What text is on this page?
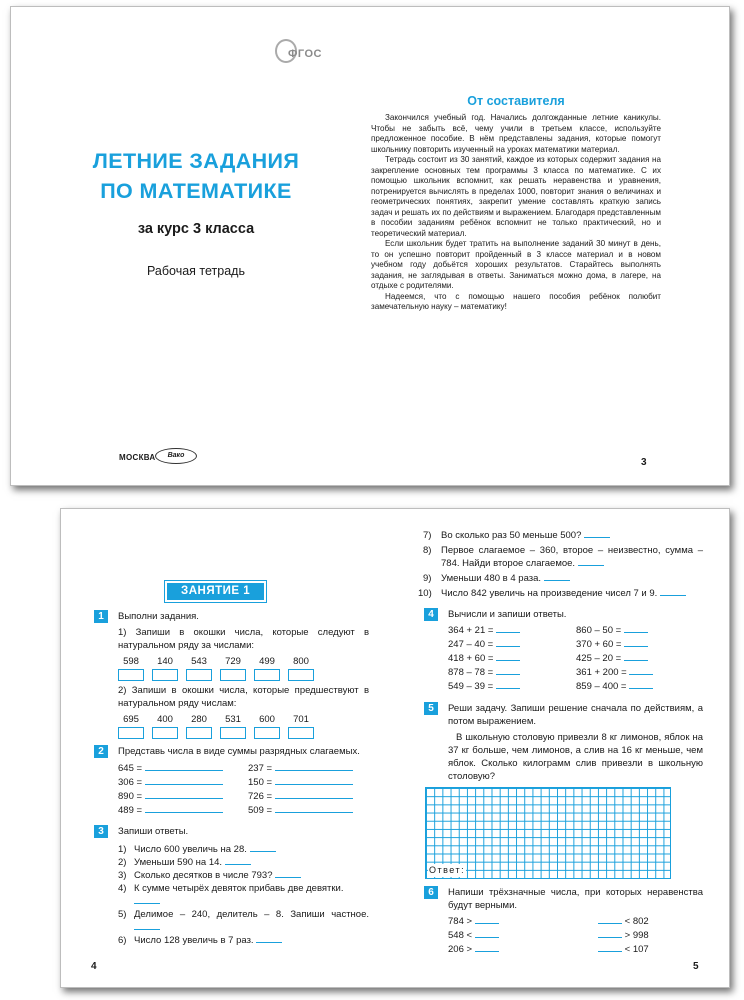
ФГОС
ЛЕТНИЕ ЗАДАНИЯ
ПО МАТЕМАТИКЕ
за курс 3 класса
Рабочая тетрадь
МОСКВА	Вако
От составителя

Закончился учебный год. Начались долгожданные летние каникулы. Чтобы не забыть всё, чему учили в третьем классе, используйте предложенное пособие. В нём представлены задания, которые помогут школьнику повторить изученный на уроках математики материал.

Тетрадь состоит из 30 занятий, каждое из которых содержит задания на закрепление основных тем программы 3 класса по математике. С их помощью школьник вспомнит, как решать неравенства и уравнения, потренируется вычислять в пределах 1000, повторит знания о величинах и геометрических понятиях, закрепит умение составлять краткую запись задач и решать их по действиям и выражением. Благодаря представленным в пособии заданиям ребёнок вспомнит не только практический, но и теоретический материал.

Если школьник будет тратить на выполнение заданий 30 минут в день, то он успешно повторит пройденный в 3 классе материал и в новом учебном году добьётся хороших результатов. Старайтесь выполнять задания, не заглядывая в ответы. Заниматься можно дома, в лагере, на отдыхе с родителями.

Надеемся, что с помощью нашего пособия ребёнок полюбит замечательную науку – математику!

3
ЗАНЯТИЕ 1
1	Выполни задания.
1) Запиши в окошки числа, которые следуют в натуральном ряду за числами:
598	140	543	729	499	800
2) Запиши в окошки числа, которые предшествуют в натуральном ряду числам:
695	400	280	531	600	701
2	Представь числа в виде суммы разрядных слагаемых.
645 =	237 =
306 =	150 =
890 =	726 =
489 =	509 =
3	Запиши ответы.
1) Число 600 увеличь на 28.
2) Уменьши 590 на 14.
3) Сколько десятков в числе 793?
4) К сумме четырёх девяток прибавь две девятки.

5) Делимое – 240, делитель – 8. Запиши частное.
6) Число 128 увеличь в 7 раз.
4
7) Во сколько раз 50 меньше 500?
8) Первое слагаемое – 360, второе – неизвестно, сумма – 784. Найди второе слагаемое.
9) Уменьши 480 в 4 раза.
10) Число 842 увеличь на произведение чисел 7 и 9.
4	Вычисли и запиши ответы.
364 + 21 =	860 – 50 =
247 – 40 =	370 + 60 =
418 + 60 =	425 – 20 =
878 – 78 =	361 + 200 =
549 – 39 =	859 – 400 =
5	Реши задачу. Запиши решение сначала по действиям, а потом выражением.
В школьную столовую привезли 8 кг лимонов, яблок на 37 кг больше, чем лимонов, а слив на 16 кг меньше, чем яблок. Сколько килограмм слив привезли в школьную столовую?
Ответ:
6	Напиши трёхзначные числа, при которых неравенства будут верными.
784 >	< 802
548 <	> 998
206 >	< 107
5
